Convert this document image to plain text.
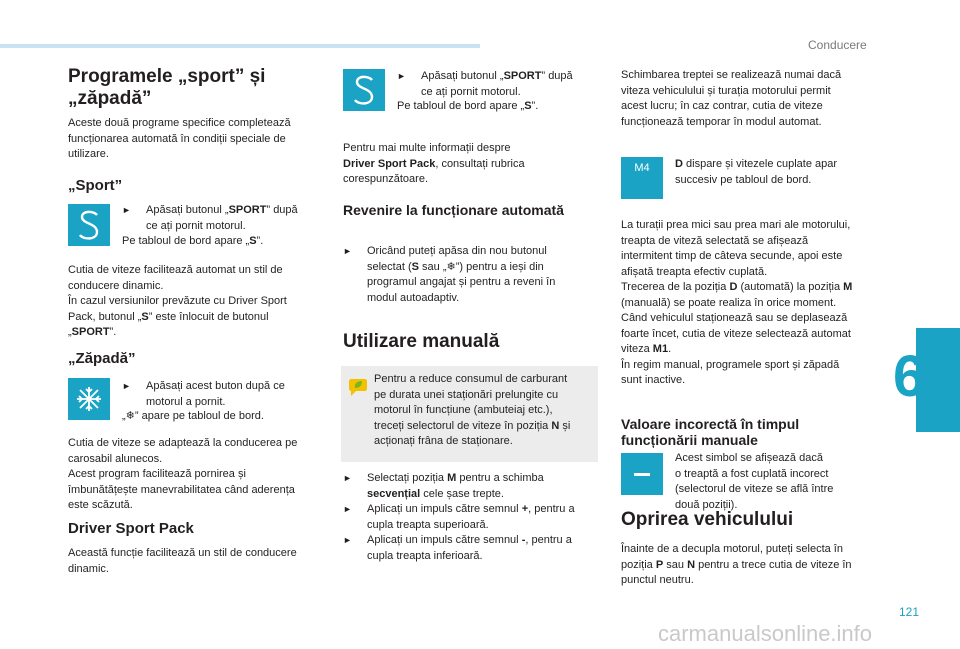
Conducere
6
121
carmanualsonline.info
Programele „sport” și
„zăpadă”
Aceste două programe specifice completează
funcționarea automată în condiții speciale de
utilizare.
„Sport”
► Apăsați butonul „SPORT” după
ce ați pornit motorul.
Pe tabloul de bord apare „S”.
Cutia de viteze facilitează automat un stil de
conducere dinamic.
În cazul versiunilor prevăzute cu Driver Sport
Pack, butonul „S” este înlocuit de butonul
„SPORT”.
„Zăpadă”
► Apăsați acest buton după ce
motorul a pornit.
„❄” apare pe tabloul de bord.
Cutia de viteze se adaptează la conducerea pe
carosabil alunecos.
Acest program facilitează pornirea și
îmbunătățește manevrabilitatea când aderența
este scăzută.
Driver Sport Pack
Această funcție facilitează un stil de conducere
dinamic.
► Apăsați butonul „SPORT” după
ce ați pornit motorul.
Pe tabloul de bord apare „S”.
Pentru mai multe informații despre
Driver Sport Pack, consultați rubrica
corespunzătoare.
Revenire la funcționare automată
► Oricând puteți apăsa din nou butonul
selectat (S sau „❄”) pentru a ieși din
programul angajat și pentru a reveni în
modul autoadaptiv.
Utilizare manuală
Pentru a reduce consumul de carburant
pe durata unei staționări prelungite cu
motorul în funcțiune (ambuteiaj etc.),
treceți selectorul de viteze în poziția N și
acționați frâna de staționare.
► Selectați poziția M pentru a schimba
secvențial cele șase trepte.
► Aplicați un impuls către semnul +, pentru a
cupla treapta superioară.
► Aplicați un impuls către semnul -, pentru a
cupla treapta inferioară.
Schimbarea treptei se realizează numai dacă
viteza vehiculului și turația motorului permit
acest lucru; în caz contrar, cutia de viteze
funcționează temporar în modul automat.
M4 D dispare și vitezele cuplate apar
succesiv pe tabloul de bord.
La turații prea mici sau prea mari ale motorului,
treapta de viteză selectată se afișează
intermitent timp de câteva secunde, apoi este
afișată treapta efectiv cuplată.
Trecerea de la poziția D (automată) la poziția M
(manuală) se poate realiza în orice moment.
Când vehiculul staționează sau se deplasează
foarte încet, cutia de viteze selectează automat
viteza M1.
În regim manual, programele sport și zăpadă
sunt inactive.
Valoare incorectă în timpul
funcționării manuale
Acest simbol se afișează dacă
o treaptă a fost cuplată incorect
(selectorul de viteze se află între
două poziții).
Oprirea vehiculului
Înainte de a decupla motorul, puteți selecta în
poziția P sau N pentru a trece cutia de viteze în
punctul neutru.
